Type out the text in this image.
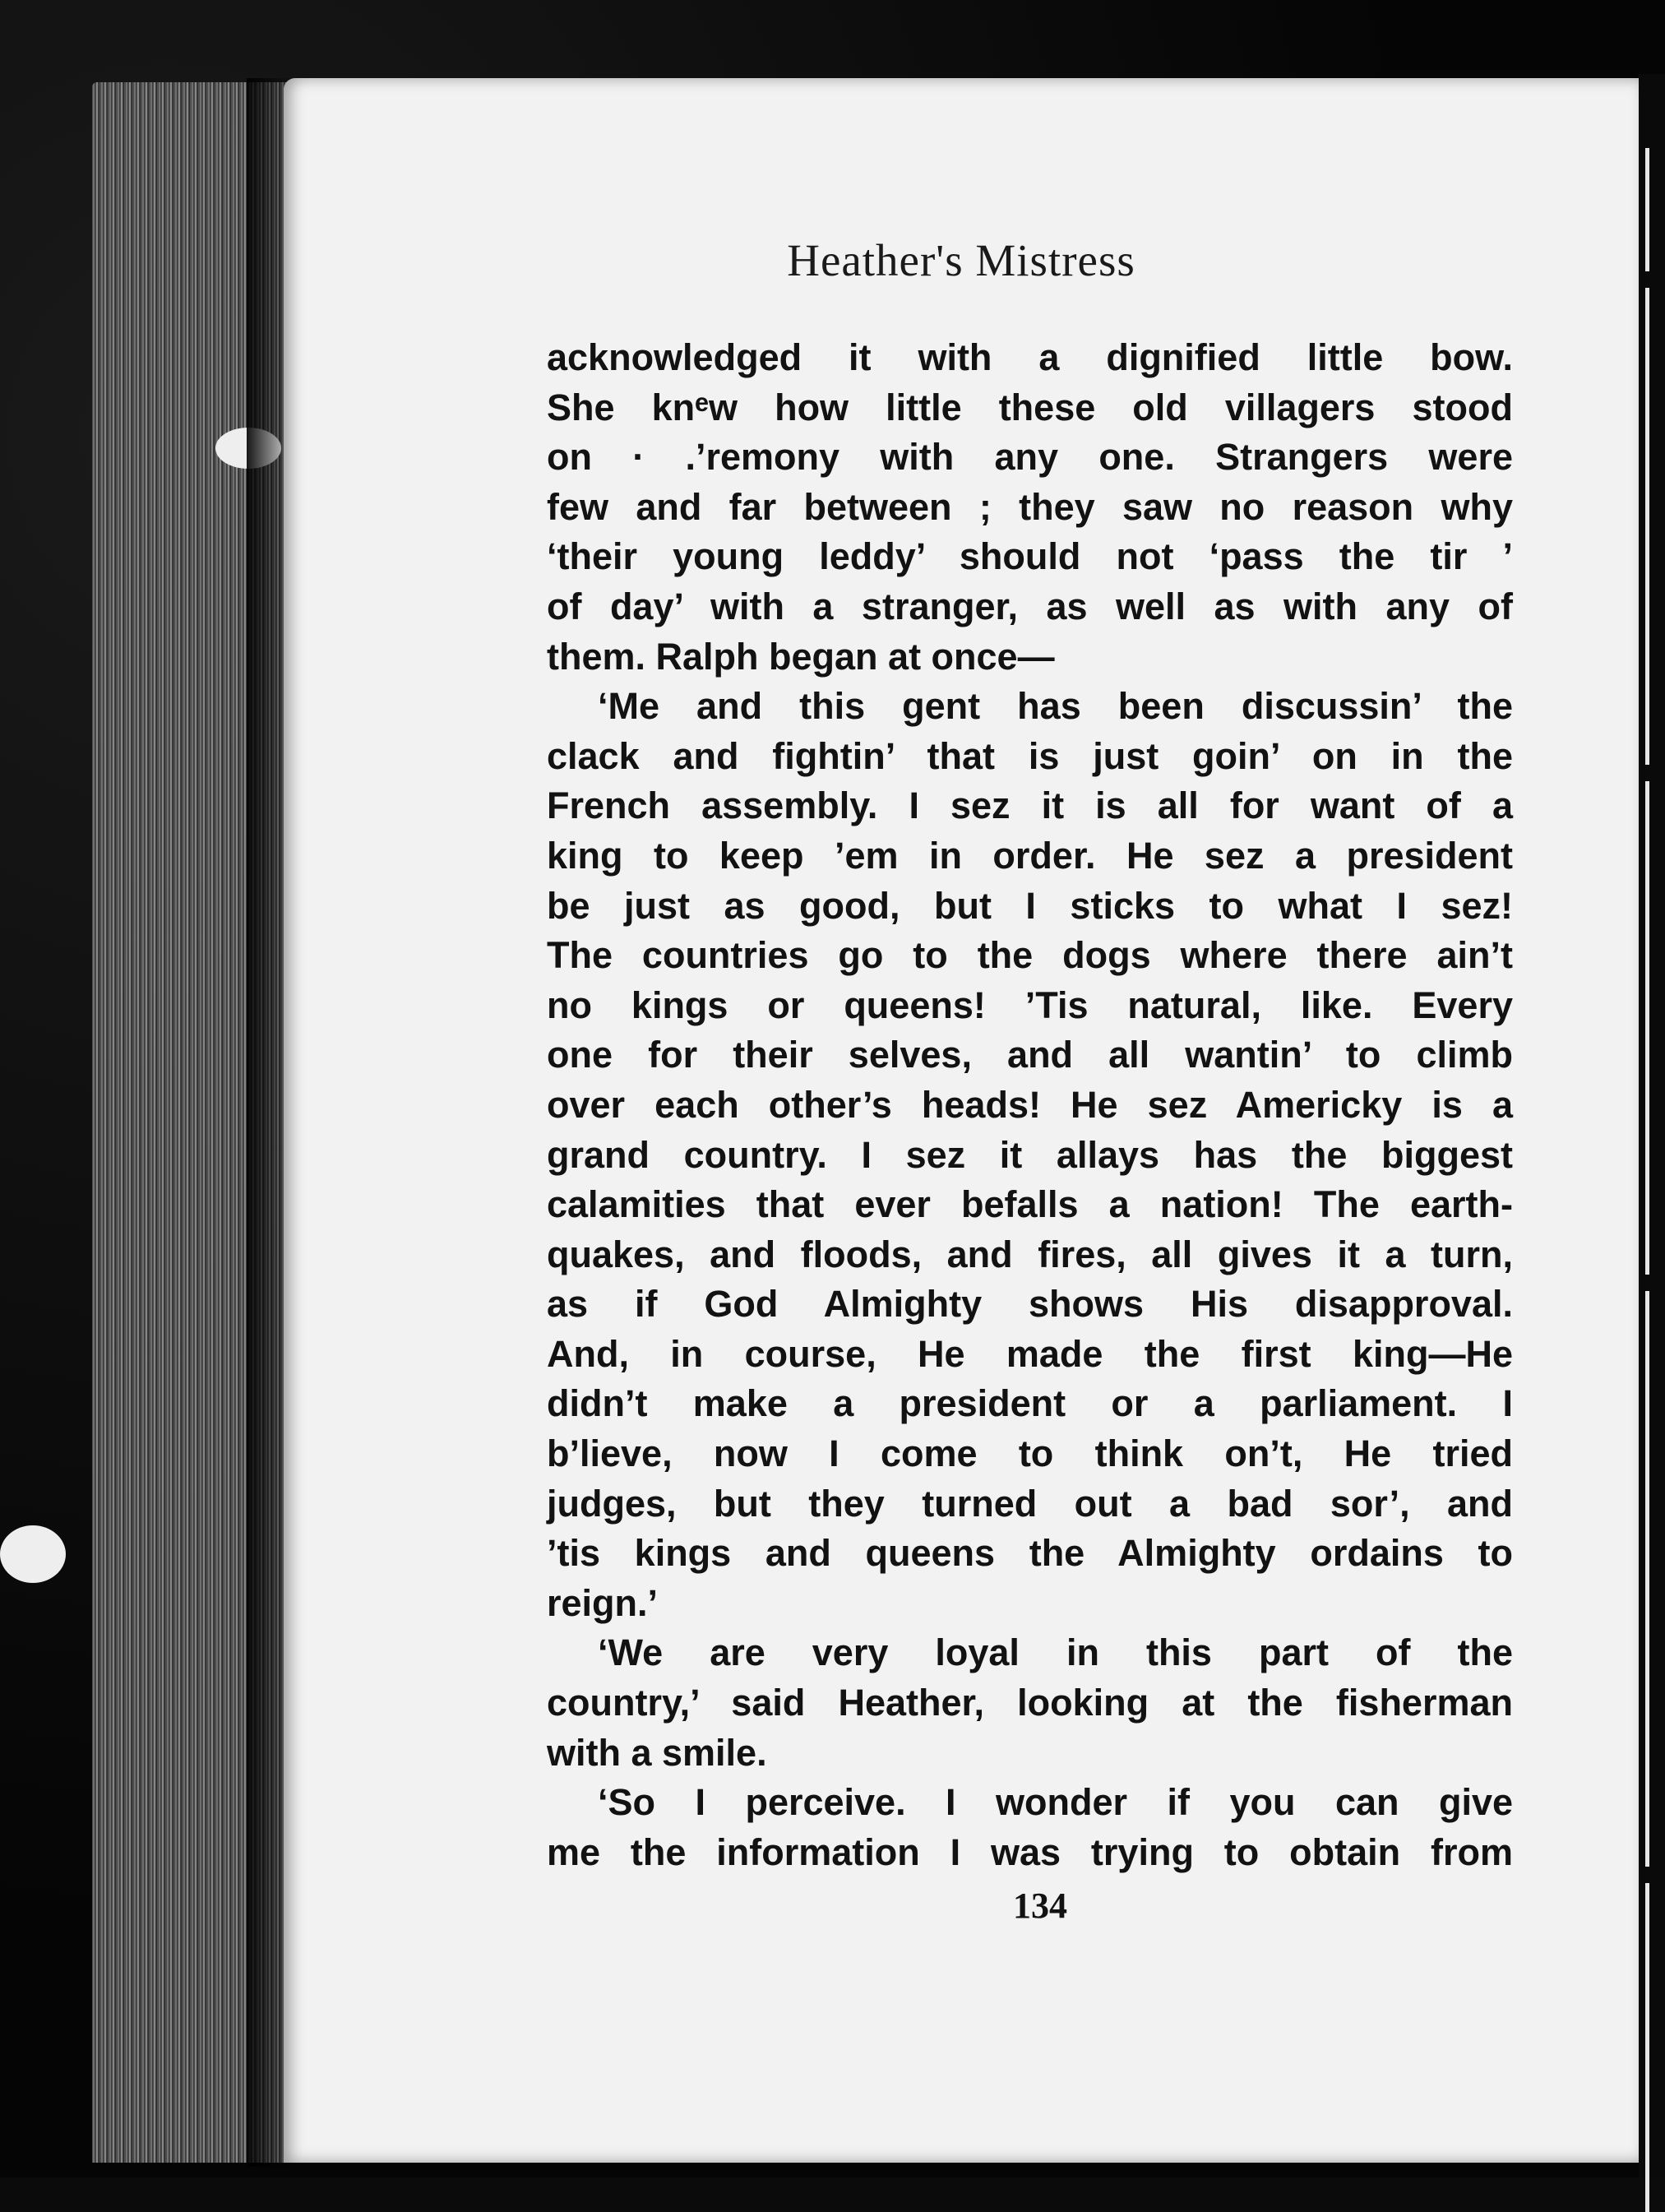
Heather's Mistress
acknowledged it with a dignified little bow.
She knᵉw how little these old villagers stood
on · .ʼremony with any one. Strangers were
few and far between ; they saw no reason why
‘their young leddy’ should not ‘pass the tir ʼ
of day’ with a stranger, as well as with any of
them. Ralph began at once—
‘Me and this gent has been discussin’ the
clack and fightin’ that is just goin’ on in the
French assembly. I sez it is all for want of a
king to keep ’em in order. He sez a president
be just as good, but I sticks to what I sez!
The countries go to the dogs where there ain’t
no kings or queens! ’Tis natural, like. Every
one for their selves, and all wantin’ to climb
over each other’s heads! He sez Americky is a
grand country. I sez it allays has the biggest
calamities that ever befalls a nation! The earth-
quakes, and floods, and fires, all gives it a turn,
as if God Almighty shows His disapproval.
And, in course, He made the first king—He
didn’t make a president or a parliament. I
b’lieve, now I come to think on’t, He tried
judges, but they turned out a bad sor’, and
’tis kings and queens the Almighty ordains to
reign.’
‘We are very loyal in this part of the
country,’ said Heather, looking at the fisherman
with a smile.
‘So I perceive. I wonder if you can give
me the information I was trying to obtain from
134
